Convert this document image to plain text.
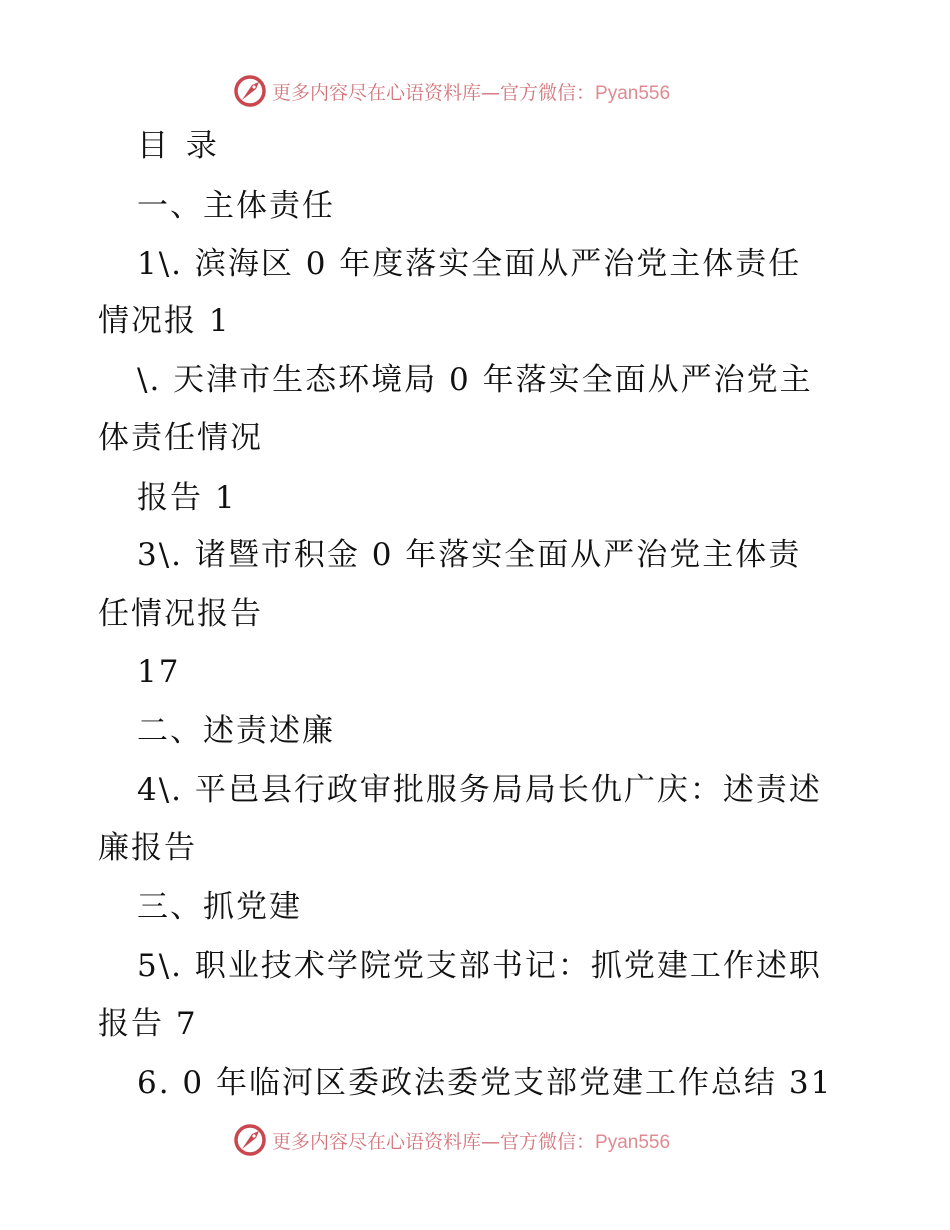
更多内容尽在心语资料库—官方微信：Pyan556
目 录
一、主体责任
1\. 滨海区 0 年度落实全面从严治党主体责任
情况报 1
\. 天津市生态环境局 0 年落实全面从严治党主
体责任情况
报告 1
3\. 诸暨市积金 0 年落实全面从严治党主体责
任情况报告
17
二、述责述廉
4\. 平邑县行政审批服务局局长仇广庆：述责述
廉报告
三、抓党建
5\. 职业技术学院党支部书记：抓党建工作述职
报告 7
6. 0 年临河区委政法委党支部党建工作总结 31
更多内容尽在心语资料库—官方微信：Pyan556
